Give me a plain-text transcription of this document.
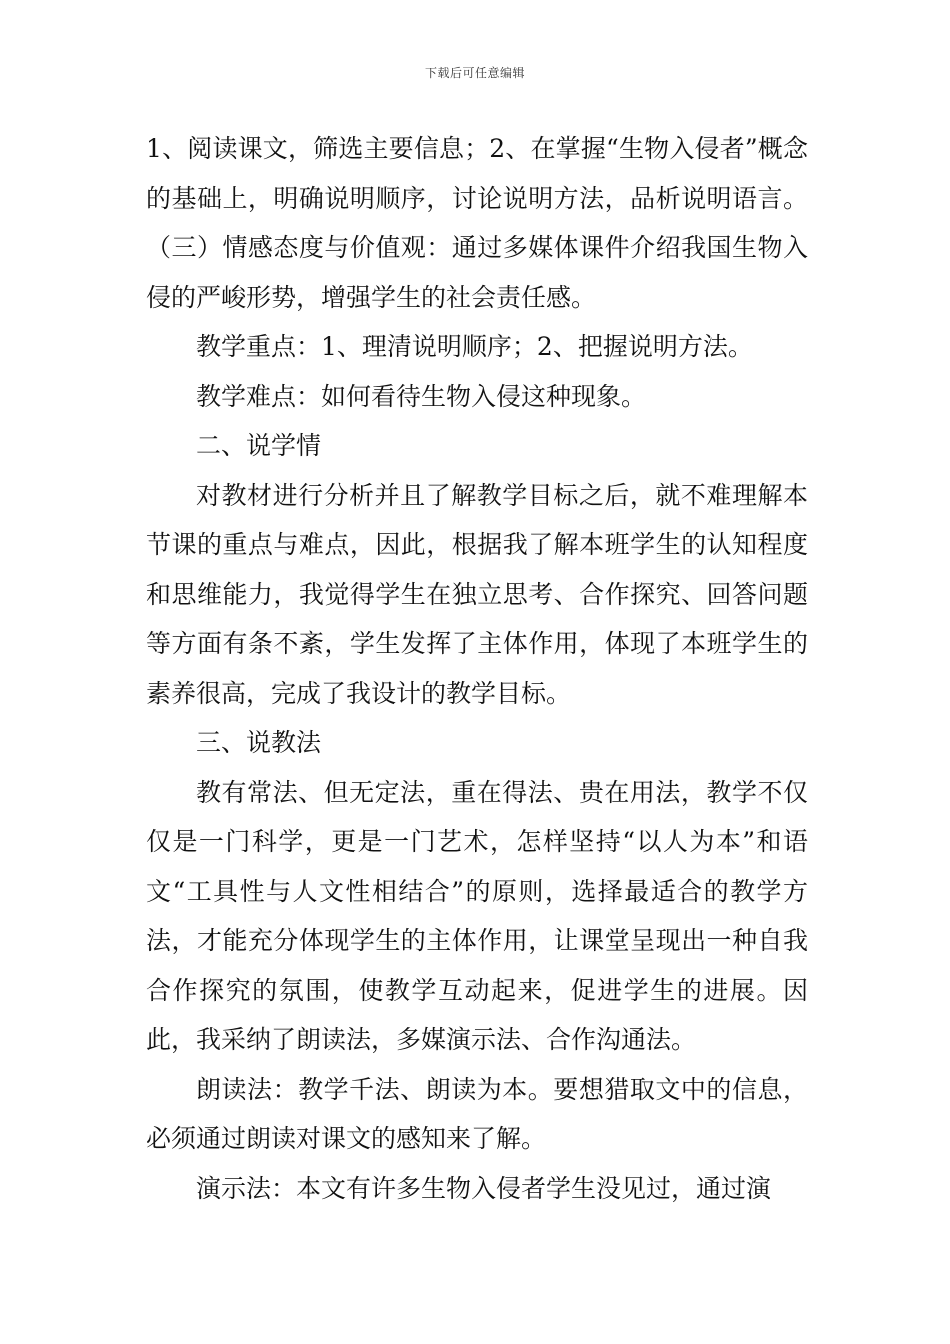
下载后可任意编辑

1、阅读课文，筛选主要信息；2、在掌握“生物入侵者”概念的基础上，明确说明顺序，讨论说明方法，品析说明语言。（三）情感态度与价值观：通过多媒体课件介绍我国生物入侵的严峻形势，增强学生的社会责任感。

教学重点：1、理清说明顺序；2、把握说明方法。

教学难点：如何看待生物入侵这种现象。

二、说学情

对教材进行分析并且了解教学目标之后，就不难理解本节课的重点与难点，因此，根据我了解本班学生的认知程度和思维能力，我觉得学生在独立思考、合作探究、回答问题等方面有条不紊，学生发挥了主体作用，体现了本班学生的素养很高，完成了我设计的教学目标。

三、说教法

教有常法、但无定法，重在得法、贵在用法，教学不仅仅是一门科学，更是一门艺术，怎样坚持“以人为本”和语文“工具性与人文性相结合”的原则，选择最适合的教学方法，才能充分体现学生的主体作用，让课堂呈现出一种自我合作探究的氛围，使教学互动起来，促进学生的进展。因此，我采纳了朗读法，多媒演示法、合作沟通法。

朗读法：教学千法、朗读为本。要想猎取文中的信息，必须通过朗读对课文的感知来了解。

演示法：本文有许多生物入侵者学生没见过，通过演
